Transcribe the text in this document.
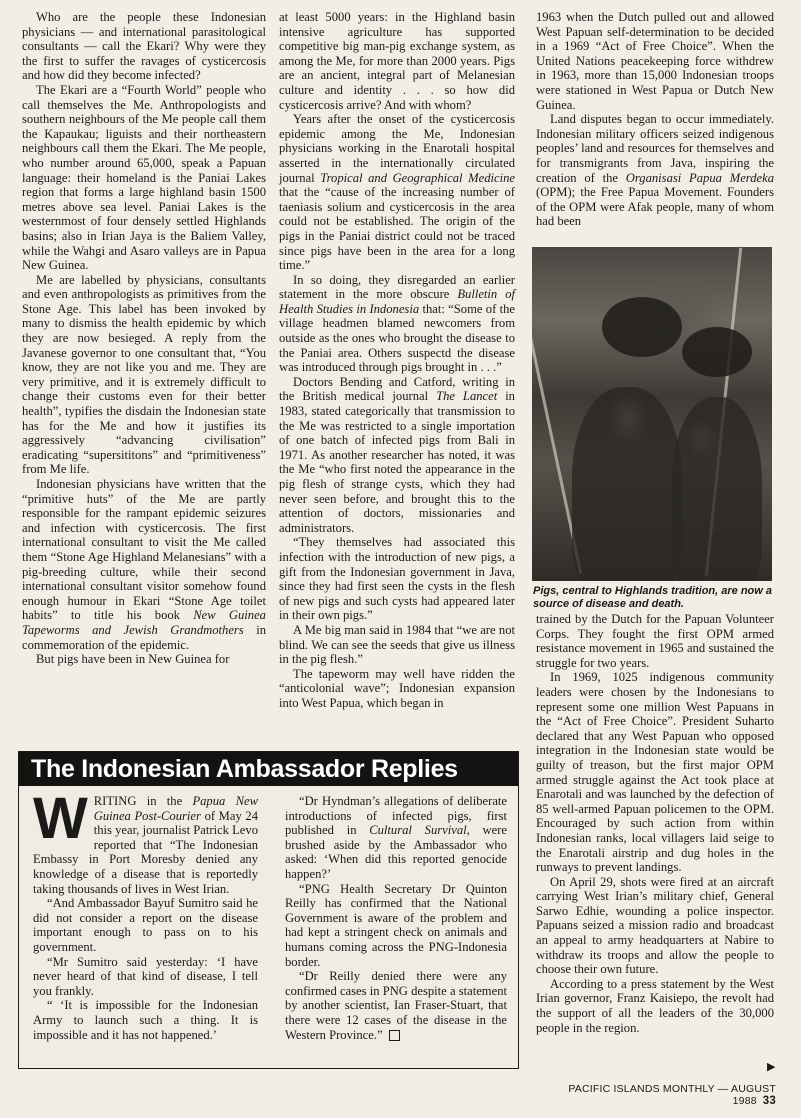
Who are the people these Indonesian physicians — and international parasitological consultants — call the Ekari? Why were they the first to suffer the ravages of cysticercosis and how did they become infected?

The Ekari are a “Fourth World” people who call themselves the Me. Anthropologists and southern neighbours of the Me people call them the Kapaukau; liguists and their northeastern neighbours call them the Ekari. The Me people, who number around 65,000, speak a Papuan language: their homeland is the Paniai Lakes region that forms a large highland basin 1500 metres above sea level. Paniai Lakes is the westernmost of four densely settled Highlands basins; also in Irian Jaya is the Baliem Valley, while the Wahgi and Asaro valleys are in Papua New Guinea.

Me are labelled by physicians, consultants and even anthropologists as primitives from the Stone Age. This label has been invoked by many to dismiss the health epidemic by which they are now besieged. A reply from the Javanese governor to one consultant that, “You know, they are not like you and me. They are very primitive, and it is extremely difficult to change their customs even for their better health”, typifies the disdain the Indonesian state has for the Me and how it justifies its aggressively “advancing civilisation” eradicating “supersititons” and “primitiveness” from Me life.

Indonesian physicians have written that the “primitive huts” of the Me are partly responsible for the rampant epidemic seizures and infection with cysticercosis. The first international consultant to visit the Me called them “Stone Age Highland Melanesians” with a pig-breeding culture, while their second international consultant visitor somehow found enough humour in Ekari “Stone Age toilet habits” to title his book New Guinea Tapeworms and Jewish Grandmothers in commemoration of the epidemic.

But pigs have been in New Guinea for

at least 5000 years: in the Highland basin intensive agriculture has supported competitive big man-pig exchange system, as among the Me, for more than 2000 years. Pigs are an ancient, integral part of Melanesian culture and identity . . . so how did cysticercosis arrive? And with whom?

Years after the onset of the cysticercosis epidemic among the Me, Indonesian physicians working in the Enarotali hospital asserted in the internationally circulated journal Tropical and Geographical Medicine that the “cause of the increasing number of taeniasis solium and cysticercosis in the area could not be established. The origin of the pigs in the Paniai district could not be traced since pigs have been in the area for a long time.”

In so doing, they disregarded an earlier statement in the more obscure Bulletin of Health Studies in Indonesia that: “Some of the village headmen blamed newcomers from outside as the ones who brought the disease to the Paniai area. Others suspectd the disease was introduced through pigs brought in . . .”

Doctors Bending and Catford, writing in the British medical journal The Lancet in 1983, stated categorically that transmission to the Me was restricted to a single importation of one batch of infected pigs from Bali in 1971. As another researcher has noted, it was the Me “who first noted the appearance in the pig flesh of strange cysts, which they had never seen before, and brought this to the attention of doctors, missionaries and administrators.

“They themselves had associated this infection with the introduction of new pigs, a gift from the Indonesian government in Java, since they had first seen the cysts in the flesh of new pigs and such cysts had appeared later in their own pigs.”

A Me big man said in 1984 that “we are not blind. We can see the seeds that give us illness in the pig flesh.”

The tapeworm may well have ridden the “anticolonial wave”; Indonesian expansion into West Papua, which began in

1963 when the Dutch pulled out and allowed West Papuan self-determination to be decided in a 1969 “Act of Free Choice”. When the United Nations peacekeeping force withdrew in 1963, more than 15,000 Indonesian troops were stationed in West Papua or Dutch New Guinea.

Land disputes began to occur immediately. Indonesian military officers seized indigenous peoples’ land and resources for themselves and for transmigrants from Java, inspiring the creation of the Organisasi Papua Merdeka (OPM); the Free Papua Movement. Founders of the OPM were Afak people, many of whom had been

Pigs, central to Highlands tradition, are now a source of disease and death.

trained by the Dutch for the Papuan Volunteer Corps. They fought the first OPM armed resistance movement in 1965 and sustained the struggle for two years.

In 1969, 1025 indigenous community leaders were chosen by the Indonesians to represent some one million West Papuans in the “Act of Free Choice”. President Suharto declared that any West Papuan who opposed integration in the Indonesian state would be guilty of treason, but the first major OPM armed struggle against the Act took place at Enarotali and was launched by the defection of 85 well-armed Papuan policemen to the OPM. Encouraged by such action from within Indonesian ranks, local villagers laid seige to the Enarotali airstrip and dug holes in the runways to prevent landings.

On April 29, shots were fired at an aircraft carrying West Irian’s military chief, General Sarwo Edhie, wounding a police inspector. Papuans seized a mission radio and broadcast an appeal to army headquarters at Nabire to withdraw its troops and allow the people to choose their own future.

According to a press statement by the West Irian governor, Franz Kaisiepo, the revolt had the support of all the leaders of the 30,000 people in the region.

▶
The Indonesian Ambassador Replies

WRITING in the Papua New Guinea Post-Courier of May 24 this year, journalist Patrick Levo reported that “The Indonesian Embassy in Port Moresby denied any knowledge of a disease that is reportedly taking thousands of lives in West Irian.

“And Ambassador Bayuf Sumitro said he did not consider a report on the disease important enough to pass on to his government.

“Mr Sumitro said yesterday: ‘I have never heard of that kind of disease, I tell you frankly.

“ ‘It is impossible for the Indonesian Army to launch such a thing. It is impossible and it has not happened.’

“Dr Hyndman’s allegations of deliberate introductions of infected pigs, first published in Cultural Survival, were brushed aside by the Ambassador who asked: ‘When did this reported genocide happen?’

“PNG Health Secretary Dr Quinton Reilly has confirmed that the National Government is aware of the problem and had kept a stringent check on animals and humans coming across the PNG-Indonesia border.

“Dr Reilly denied there were any confirmed cases in PNG despite a statement by another scientist, Ian Fraser-Stuart, that there were 12 cases of the disease in the Western Province.”

PACIFIC ISLANDS MONTHLY — AUGUST 1988 33
